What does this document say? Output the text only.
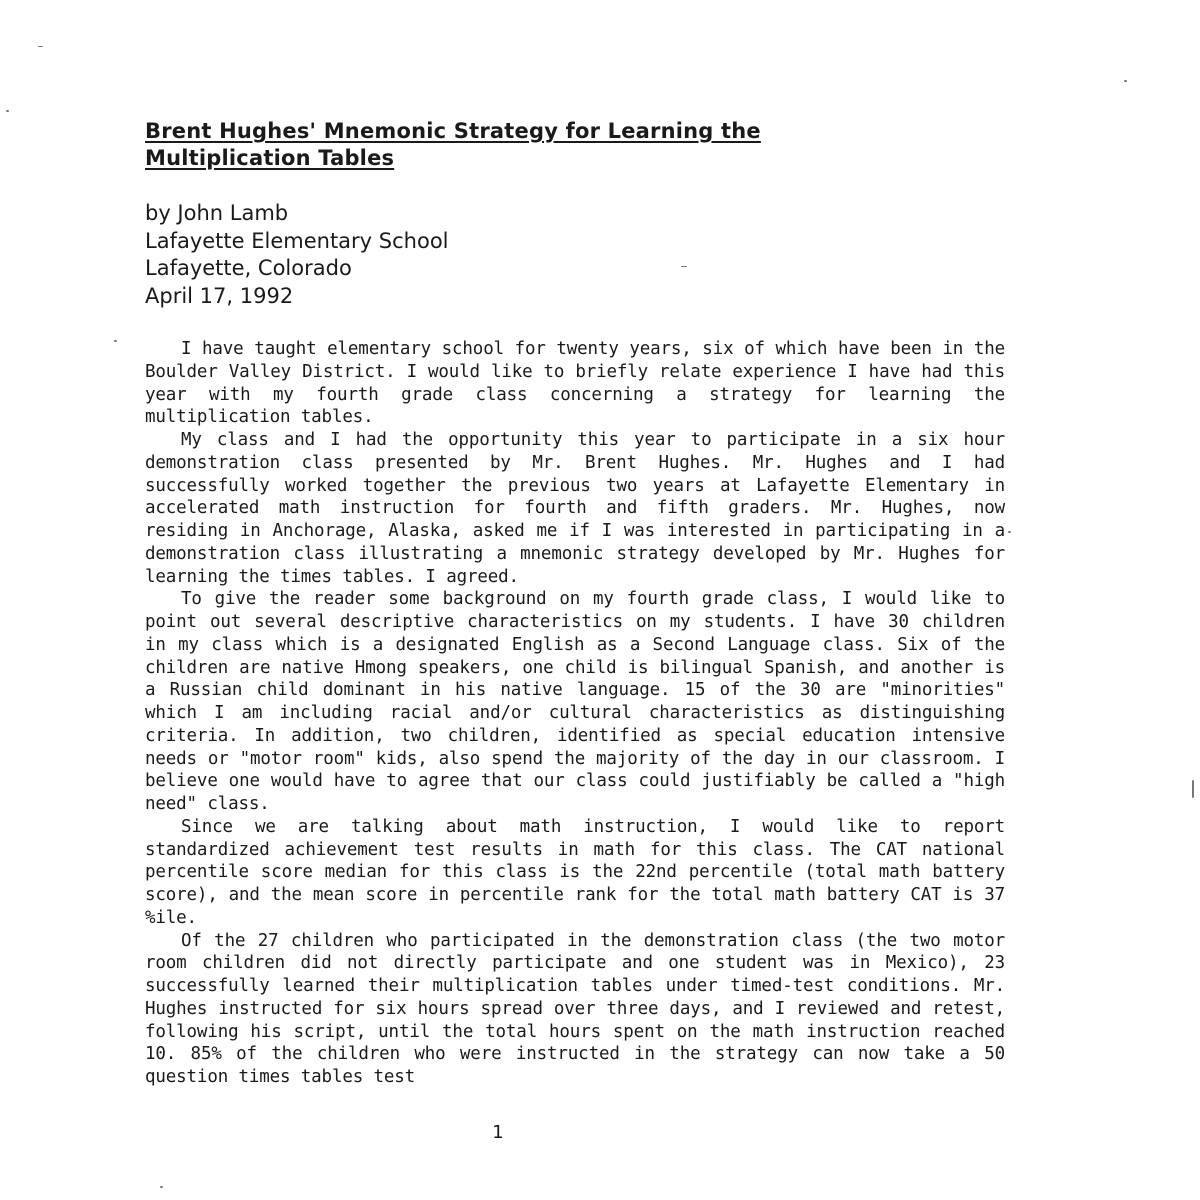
Brent Hughes' Mnemonic Strategy for Learning the Multiplication Tables
by John Lamb
Lafayette Elementary School
Lafayette, Colorado
April 17, 1992

I have taught elementary school for twenty years, six of which have been in the Boulder Valley District. I would like to briefly relate experience I have had this year with my fourth grade class concerning a strategy for learning the multiplication tables.

My class and I had the opportunity this year to participate in a six hour demonstration class presented by Mr. Brent Hughes. Mr. Hughes and I had successfully worked together the previous two years at Lafayette Elementary in accelerated math instruction for fourth and fifth graders. Mr. Hughes, now residing in Anchorage, Alaska, asked me if I was interested in participating in a demonstration class illustrating a mnemonic strategy developed by Mr. Hughes for learning the times tables. I agreed.

To give the reader some background on my fourth grade class, I would like to point out several descriptive characteristics on my students. I have 30 children in my class which is a designated English as a Second Language class. Six of the children are native Hmong speakers, one child is bilingual Spanish, and another is a Russian child dominant in his native language. 15 of the 30 are "minorities" which I am including racial and/or cultural characteristics as distinguishing criteria. In addition, two children, identified as special education intensive needs or "motor room" kids, also spend the majority of the day in our classroom. I believe one would have to agree that our class could justifiably be called a "high need" class.

Since we are talking about math instruction, I would like to report standardized achievement test results in math for this class. The CAT national percentile score median for this class is the 22nd percentile (total math battery score), and the mean score in percentile rank for the total math battery CAT is 37 %ile.

Of the 27 children who participated in the demonstration class (the two motor room children did not directly participate and one student was in Mexico), 23 successfully learned their multiplication tables under timed-test conditions. Mr. Hughes instructed for six hours spread over three days, and I reviewed and retest, following his script, until the total hours spent on the math instruction reached 10. 85% of the children who were instructed in the strategy can now take a 50 question times tables test

1
